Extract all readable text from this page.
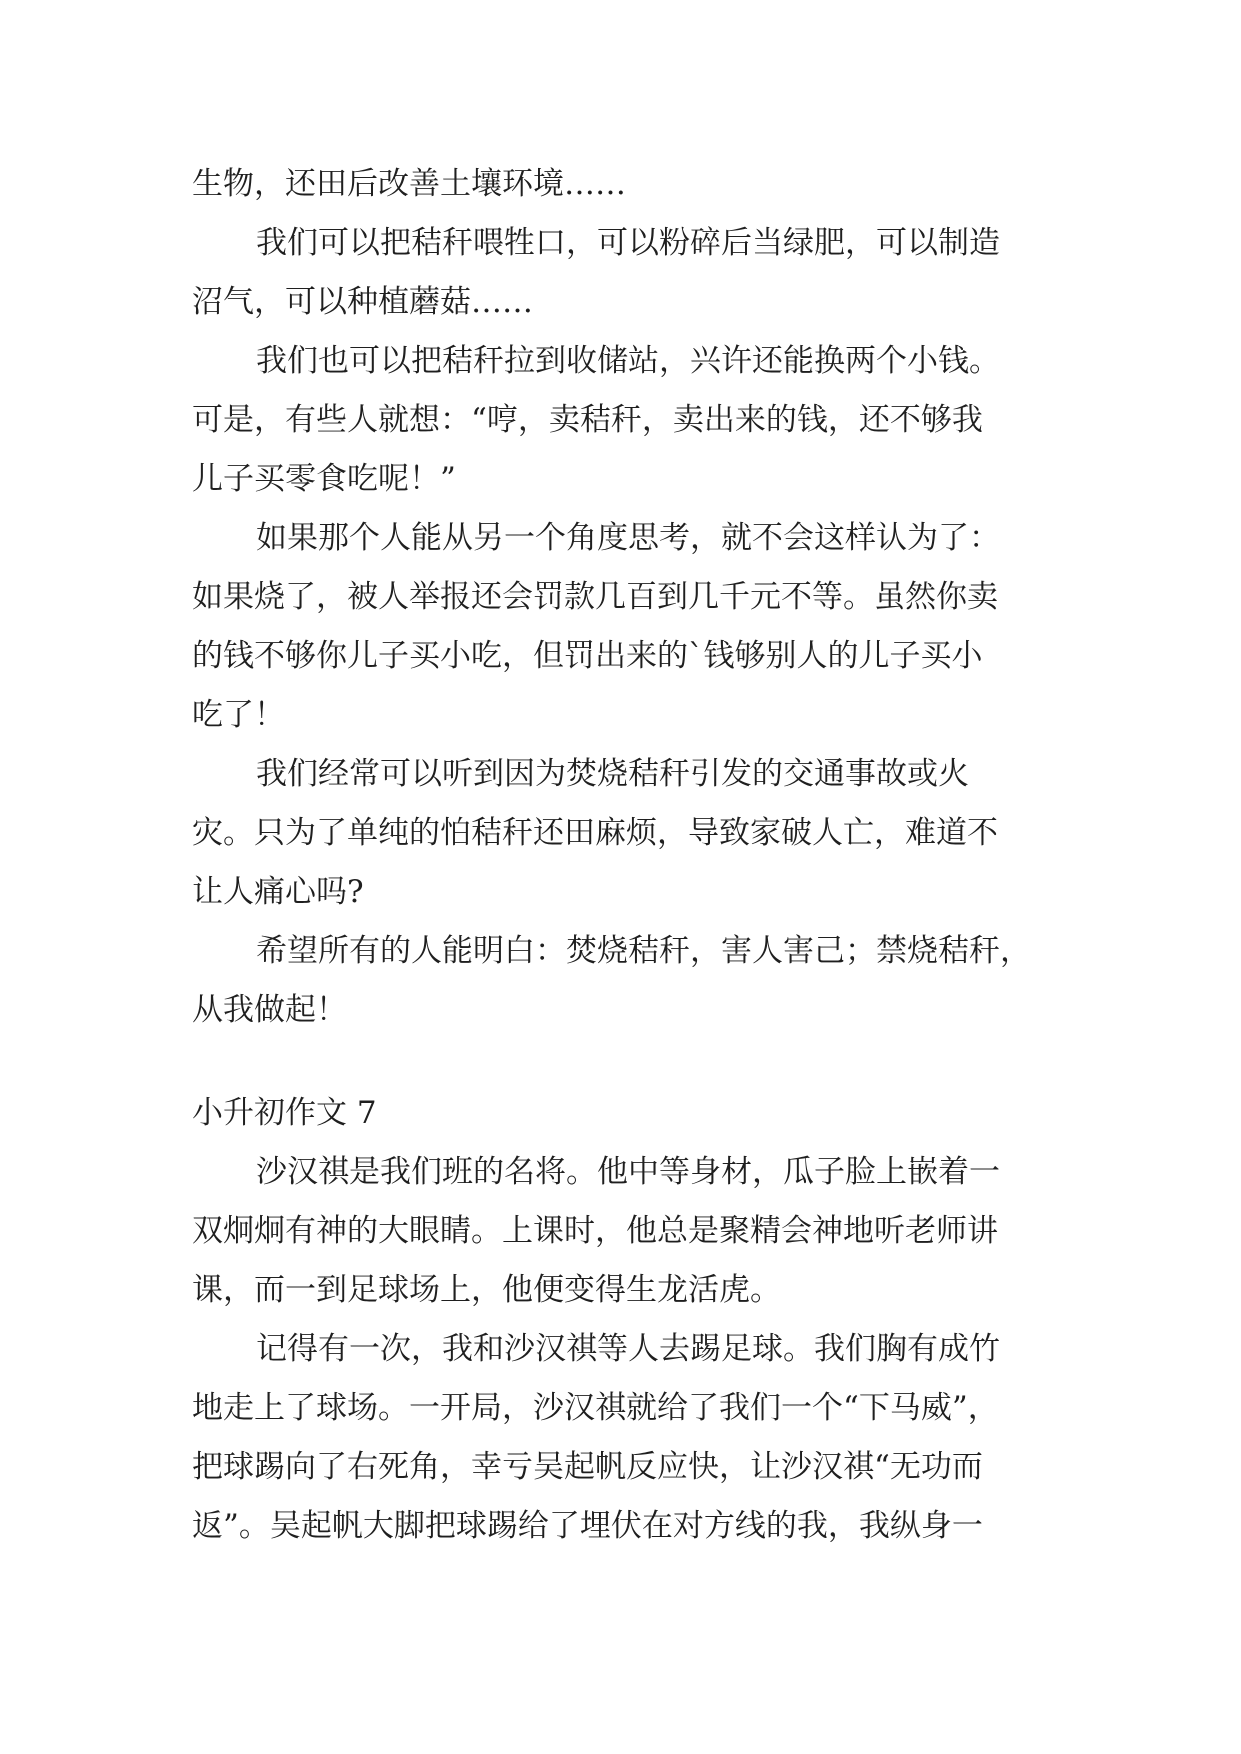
生物，还田后改善土壤环境……
我们可以把秸秆喂牲口，可以粉碎后当绿肥，可以制造
沼气，可以种植蘑菇……
我们也可以把秸秆拉到收储站，兴许还能换两个小钱。
可是，有些人就想：“哼，卖秸秆，卖出来的钱，还不够我
儿子买零食吃呢！”
如果那个人能从另一个角度思考，就不会这样认为了：
如果烧了，被人举报还会罚款几百到几千元不等。虽然你卖
的钱不够你儿子买小吃，但罚出来的`钱够别人的儿子买小
吃了！
我们经常可以听到因为焚烧秸秆引发的交通事故或火
灾。只为了单纯的怕秸秆还田麻烦，导致家破人亡，难道不
让人痛心吗?
希望所有的人能明白：焚烧秸秆，害人害己；禁烧秸秆，
从我做起！
小升初作文 7
沙汉祺是我们班的名将。他中等身材，瓜子脸上嵌着一
双炯炯有神的大眼睛。上课时，他总是聚精会神地听老师讲
课，而一到足球场上，他便变得生龙活虎。
记得有一次，我和沙汉祺等人去踢足球。我们胸有成竹
地走上了球场。一开局，沙汉祺就给了我们一个“下马威”，
把球踢向了右死角，幸亏吴起帆反应快，让沙汉祺“无功而
返”。吴起帆大脚把球踢给了埋伏在对方线的我，我纵身一
